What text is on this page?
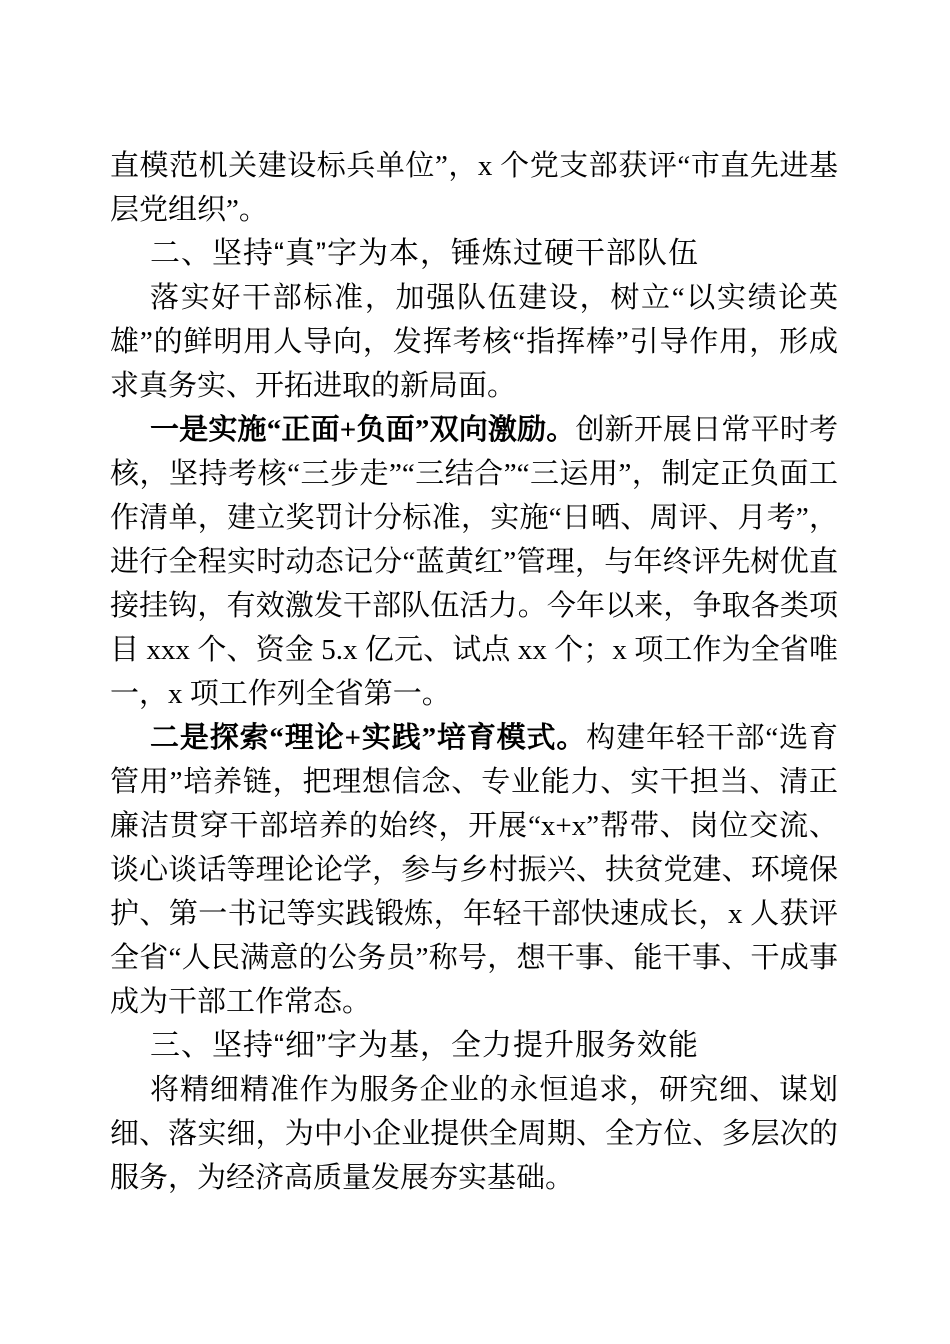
直模范机关建设标兵单位”，x 个党支部获评“市直先进基层党组织”。

二、坚持“真”字为本，锤炼过硬干部队伍

落实好干部标准，加强队伍建设，树立“以实绩论英雄”的鲜明用人导向，发挥考核“指挥棒”引导作用，形成求真务实、开拓进取的新局面。

一是实施“正面+负面”双向激励。创新开展日常平时考核，坚持考核“三步走”“三结合”“三运用”，制定正负面工作清单，建立奖罚计分标准，实施“日晒、周评、月考”，进行全程实时动态记分“蓝黄红”管理，与年终评先树优直接挂钩，有效激发干部队伍活力。今年以来，争取各类项目 xxx 个、资金 5.x 亿元、试点 xx 个；x 项工作为全省唯一，x 项工作列全省第一。

二是探索“理论+实践”培育模式。构建年轻干部“选育管用”培养链，把理想信念、专业能力、实干担当、清正廉洁贯穿干部培养的始终，开展“x+x”帮带、岗位交流、谈心谈话等理论论学，参与乡村振兴、扶贫党建、环境保护、第一书记等实践锻炼，年轻干部快速成长，x 人获评全省“人民满意的公务员”称号，想干事、能干事、干成事成为干部工作常态。

三、坚持“细”字为基，全力提升服务效能

将精细精准作为服务企业的永恒追求，研究细、谋划细、落实细，为中小企业提供全周期、全方位、多层次的服务，为经济高质量发展夯实基础。
